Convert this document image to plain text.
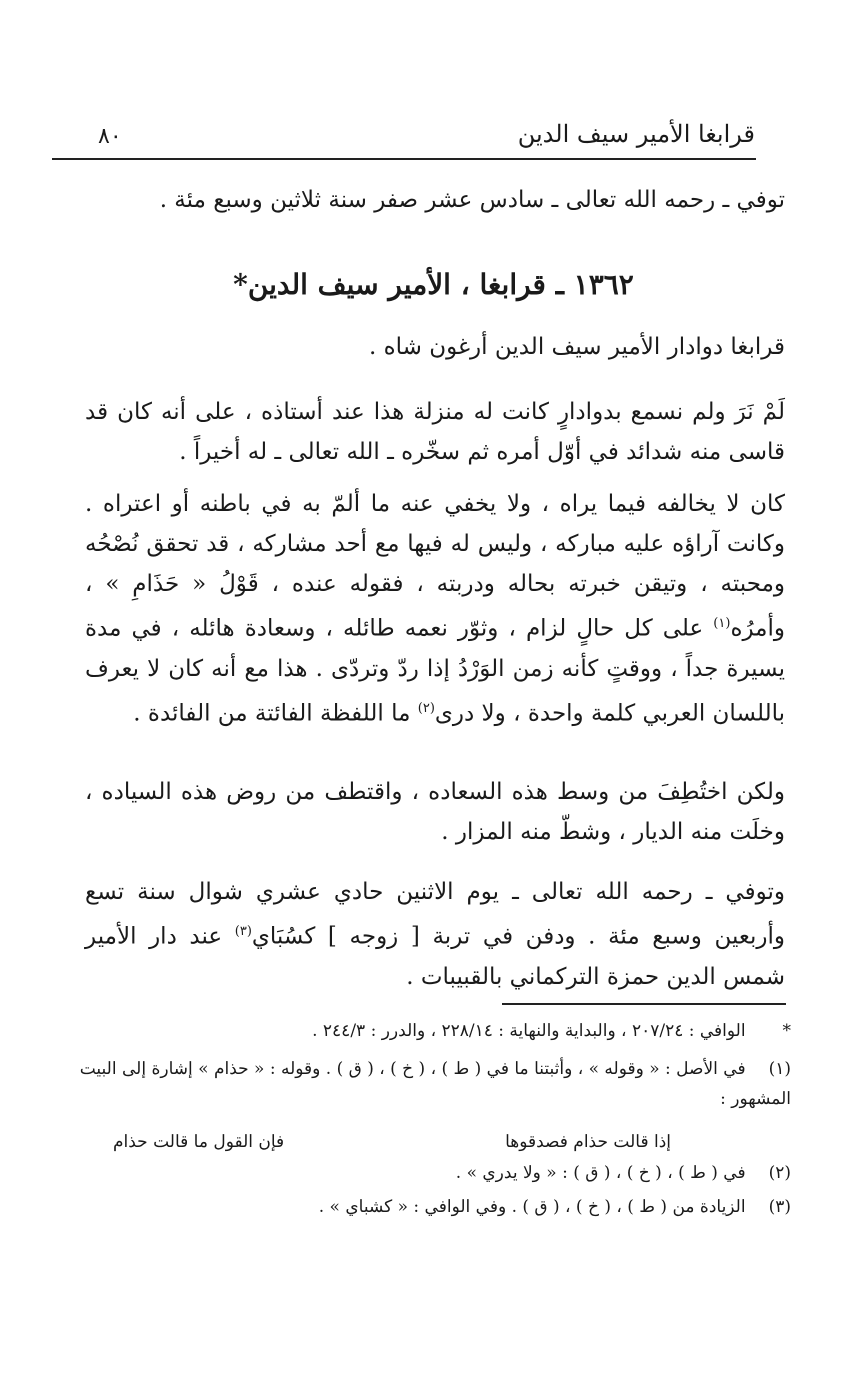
قرابغا الأمير سيف الدين
٨٠
توفي ـ رحمه الله تعالى ـ سادس عشر صفر سنة ثلاثين وسبع مئة .
١٣٦٢ ـ قرابغا ، الأمير سيف الدين*
قرابغا دوادار الأمير سيف الدين أرغون شاه .
لَمْ نَرَ ولم نسمع بدوادارٍ كانت له منزلة هذا عند أستاذه ، على أنه كان قد قاسى منه شدائد في أوّل أمره ثم سخّره ـ الله تعالى ـ له أخيراً .
كان لا يخالفه فيما يراه ، ولا يخفي عنه ما ألمّ به في باطنه أو اعتراه . وكانت آراؤه عليه مباركه ، وليس له فيها مع أحد مشاركه ، قد تحقق نُصْحُه ومحبته ، وتيقن خبرته بحاله ودربته ، فقوله عنده ، قَوْلُ « حَذَامِ » ، وأمرُه$^{(١)}$ على كل حالٍ لزام ، وثوّر نعمه طائله ، وسعادة هائله ، في مدة يسيرة جداً ، ووقتٍ كأنه زمن الوَرْدُ إذا ردّ وتردّى . هذا مع أنه كان لا يعرف باللسان العربي كلمة واحدة ، ولا درى$^{(٢)}$ ما اللفظة الفائتة من الفائدة .
ولكن اختُطِفَ من وسط هذه السعاده ، واقتطف من روض هذه السياده ، وخلَت منه الديار ، وشطّ منه المزار .
وتوفي ـ رحمه الله تعالى ـ يوم الاثنين حادي عشري شوال سنة تسع وأربعين وسبع مئة . ودفن في تربة [ زوجه ] كسُبَاي$^{(٣)}$ عند دار الأمير شمس الدين حمزة التركماني بالقبيبات .
* الوافي : ٢٠٧/٢٤ ، والبداية والنهاية : ٢٢٨/١٤ ، والدرر : ٢٤٤/٣ .
(١) في الأصل : « وقوله » ، وأثبتنا ما في ( ط ) ، ( خ ) ، ( ق ) . وقوله : « حذام » إشارة إلى البيت المشهور :
إذا قالت حذام فصدقوها
فإن القول ما قالت حذام
(٢) في ( ط ) ، ( خ ) ، ( ق ) : « ولا يدري » .
(٣) الزيادة من ( ط ) ، ( خ ) ، ( ق ) . وفي الوافي : « كشباي » .
